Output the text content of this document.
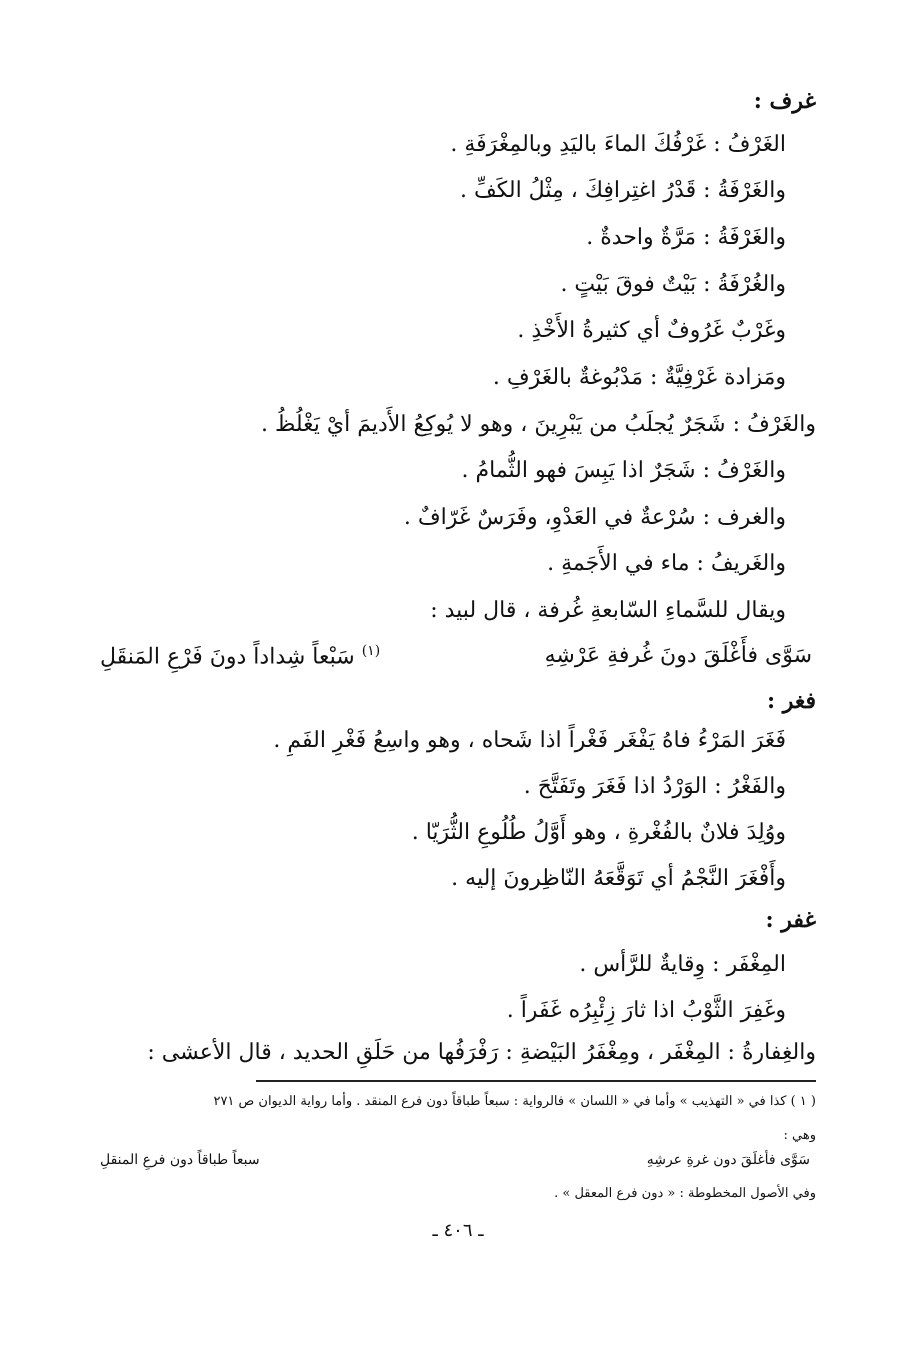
غرف :
الغَرْفُ : غَرْفُكَ الماءَ باليَدِ وبالمِغْرَفَةِ .
والغَرْفَةُ : قَدْرُ اغتِرافِكَ ، مِثْلُ الكَفِّ .
والغَرْفَةُ : مَرَّةٌ واحدةٌ .
والغُرْفَةُ : بَيْتٌ فوقَ بَيْتٍ .
وغَرْبٌ غَرُوفٌ أي كثيرةُ الأَخْذِ .
ومَزادة غَرْفِيَّةٌ : مَدْبُوغةٌ بالغَرْفِ .
والغَرْفُ : شَجَرٌ يُجلَبُ من يَبْرِينَ ، وهو لا يُوكِعُ الأَديمَ أيْ يَغْلُظُ .
والغَرْفُ : شَجَرٌ اذا يَبِسَ فهو الثُّمامُ .
والغرف : سُرْعةٌ في العَدْوِ، وفَرَسٌ غَرّافٌ .
والغَريفُ : ماء في الأَجَمةِ .
ويقال للسَّماءِ السّابعةِ غُرفة ، قال لبيد :
سَوَّى فأَغْلَقَ دونَ غُرفةِ عَرْشِهِ
$^{(١)}$ سَبْعاً شِداداً دونَ فَرْعِ المَنقَلِ
فغر :
فَغَرَ المَرْءُ فاهُ يَفْغَر فَغْراً اذا شَحاه ، وهو واسِعُ فَغْرِ الفَمِ .
والفَغْرُ : الوَرْدُ اذا فَغَرَ وتَفَتَّحَ .
ووُلِدَ فلانٌ بالفُغْرةِ ، وهو أَوَّلُ طُلُوعِ الثُّرَيّا .
وأَفْغَرَ النَّجْمُ أي تَوَقَّعَهُ النّاظِرونَ إليه .
غفر :
المِغْفَر : وِقايةٌ للرَّأس .
وغَفِرَ الثَّوْبُ اذا ثارَ زِئْبِرُه غَفَراً .
والغِفارةُ : المِغْفَر ، ومِغْفَرُ البَيْضةِ : رَفْرَفُها من حَلَقِ الحديد ، قال الأعشى :
( ١ ) كذا في « التهذيب » وأما في « اللسان » فالرواية : سبعاً طباقاً دون فرع المنقد . وأما رواية الديوان ص ٢٧١
وهي :
سَوَّى فأغلَقَ دون غرةِ عرشِهِ
سبعاً طباقاً دون فرعِ المنقلِ
وفي الأصول المخطوطة : « دون فرع المعقل » .
ـ ٤٠٦ ـ
